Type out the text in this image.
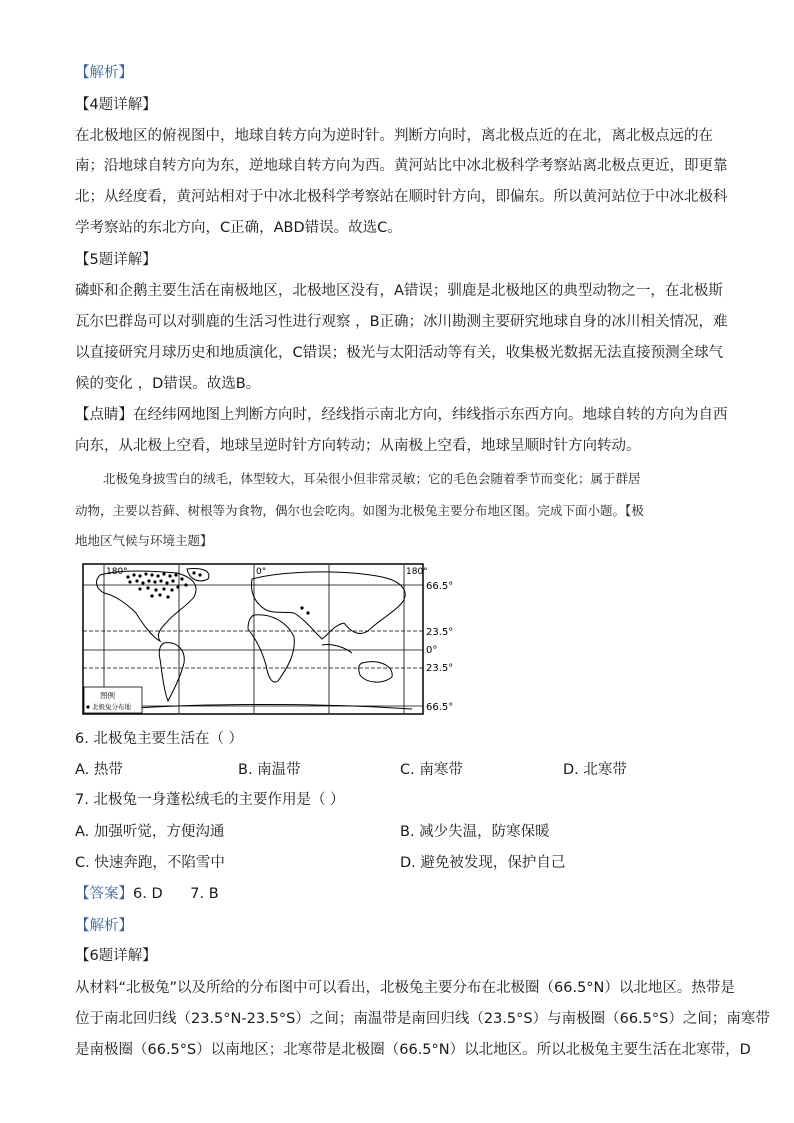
【解析】
【4题详解】
在北极地区的俯视图中，地球自转方向为逆时针。判断方向时，离北极点近的在北，离北极点远的在
南；沿地球自转方向为东，逆地球自转方向为西。黄河站比中冰北极科学考察站离北极点更近，即更靠
北；从经度看，黄河站相对于中冰北极科学考察站在顺时针方向，即偏东。所以黄河站位于中冰北极科
学考察站的东北方向，C正确，ABD错误。故选C。
【5题详解】
磷虾和企鹅主要生活在南极地区，北极地区没有，A错误；驯鹿是北极地区的典型动物之一，在北极斯
瓦尔巴群岛可以对驯鹿的生活习性进行观察 ，B正确；冰川勘测主要研究地球自身的冰川相关情况，难
以直接研究月球历史和地质演化，C错误；极光与太阳活动等有关，收集极光数据无法直接预测全球气
候的变化 ，D错误。故选B。
【点睛】在经纬网地图上判断方向时，经线指示南北方向，纬线指示东西方向。地球自转的方向为自西
向东，从北极上空看，地球呈逆时针方向转动；从南极上空看，地球呈顺时针方向转动。
北极兔身披雪白的绒毛，体型较大，耳朵很小但非常灵敏；它的毛色会随着季节而变化；属于群居
动物，主要以苔藓、树根等为食物，偶尔也会吃肉。如图为北极兔主要分布地区图。完成下面小题。【极
地地区气候与环境主题】
180°	0°	180°
66.5°
23.5°
0°
23.5°
66.5°
图例
北极兔分布地
6. 北极兔主要生活在（ ）
A. 热带	B. 南温带	C. 南寒带	D. 北寒带
7. 北极兔一身蓬松绒毛的主要作用是（ ）
A. 加强听觉，方便沟通	B. 减少失温，防寒保暖
C. 快速奔跑，不陷雪中	D. 避免被发现，保护自己
【答案】6. D      7. B
【解析】
【6题详解】
从材料“北极兔”以及所给的分布图中可以看出，北极兔主要分布在北极圈（66.5°N）以北地区。热带是
位于南北回归线（23.5°N-23.5°S）之间；南温带是南回归线（23.5°S）与南极圈（66.5°S）之间；南寒带
是南极圈（66.5°S）以南地区；北寒带是北极圈（66.5°N）以北地区。所以北极兔主要生活在北寒带，D
